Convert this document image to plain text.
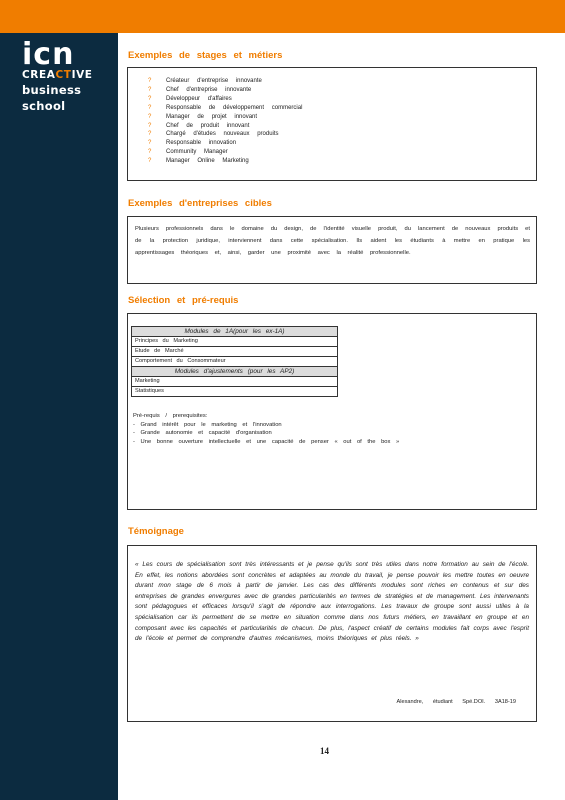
icn
CREACTIVE
business
school
Exemples de stages et métiers
?	Créateur d'entreprise innovante
?	Chef d'entreprise innovante
?	Développeur d'affaires
?	Responsable de développement commercial
?	Manager de projet innovant
?	Chef de produit innovant
?	Chargé d'études nouveaux produits
?	Responsable innovation
?	Community Manager
?	Manager Online Marketing
Exemples d'entreprises cibles

Plusieurs professionnels dans le domaine du design, de l'identité visuelle produit, du lancement de nouveaux produits et de la protection juridique, interviennent dans cette spécialisation. Ils aident les étudiants à mettre en pratique les apprentissages théoriques et, ainsi, garder une proximité avec la réalité professionnelle.

Sélection et pré-requis
Modules de 1A(pour les ex-1A)
Principes du Marketing
Etude de Marché
Comportement du Consommateur
Modules d'ajustements (pour les AP2)
Marketing
Statistiques
Pré-requis / prerequisites:
- Grand intérêt pour le marketing et l'innovation
- Grande autonomie et capacité d'organisation
- Une bonne ouverture intellectuelle et une capacité de penser « out of the box »
Témoignage

« Les cours de spécialisation sont très intéressants et je pense qu'ils sont très utiles dans notre formation au sein de l'école. En effet, les notions abordées sont concrètes et adaptées au monde du travail, je pense pouvoir les mettre toutes en oeuvre durant mon stage de 6 mois à partir de janvier. Les cas des différents modules sont riches en contenus et sur des entreprises de grandes envergures avec de grandes particularités en termes de stratégies et de management. Les intervenants sont pédagogues et efficaces lorsqu'il s'agit de répondre aux interrogations. Les travaux de groupe sont aussi utiles à la spécialisation car ils permettent de se mettre en situation comme dans nos futurs métiers, en travaillant en groupe et en composant avec les capacités et particularités de chacun. De plus, l'aspect créatif de certains modules fait corps avec l'esprit de l'école et permet de comprendre d'autres mécanismes, moins théoriques et plus réels. »

Alexandre, étudiant Spé.DOI. 3A18-19
14
